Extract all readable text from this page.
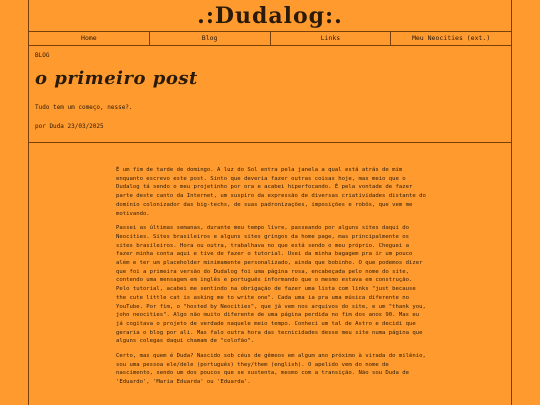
.:Dudalog:.
Home	Blog	Links	Meu Neocities (ext.)
BLOG
o primeiro post
Tudo tem um começo, nesse?.
por Duda 23/03/2025

É um fim de tarde de domingo. A luz do Sol entra pela janela a qual está atrás de mim enquanto escrevo este post. Sinto que deveria fazer outras coisas hoje, mas meio que o Dudalog tá sendo o meu projetinho por ora e acabei hiperfocando. É pela vontade de fazer parte deste canto da Internet, um suspiro da expressão de diversas criatividades distante do domínio colonizador das big-techs, de suas padronizações, imposições e robôs, que vem me motivando.

Passei as últimas semanas, durante meu tempo livre, passeando por alguns sites daqui do Neocities. Sites brasileiros e alguns sites gringos da home page, mas principalmente os sites brasileiros. Hora ou outra, trabalhava no que está sendo o meu próprio. Cheguei a fazer minha conta aqui e tive de fazer o tutorial. Usei da minha bagagem pra ir um pouco além e ter um placeholder minimamente personalizado, ainda que bobinho. O que podemos dizer que foi a primeira versão do Dudalog foi uma página rosa, encabeçada pelo nome do site, contendo uma mensagem em inglês e português informando que o mesmo estava em construção. Pelo tutorial, acabei me sentindo na obrigação de fazer uma lista com links "just because the cute little cat is asking me to write one". Cada uma ia pra uma música diferente no YouTube. Por fim, o "hosted by Neocities", que já vem nos arquivos do site, e um "thank you, john neocities". Algo não muito diferente de uma página perdida no fim dos anos 90. Mas eu já cogitava o projeto de verdade naquele meio tempo. Conheci um tal de Astro e decidi que geraria o blog por ali. Mas falo outra hora das tecnicidades desse meu site numa página que alguns colegas daqui chamam de "colofão".

Certo, mas quem é Duda? Nascido sob céus de gêmeos em algum ano próximo à virada do milênio, sou uma pessoa ele/dele (português) they/them (english). O apelido vem do nome de nascimento, sendo um dos poucos que se sustenta, mesmo com a transição. Não sou Duda de 'Eduardo', 'Maria Eduarda' ou 'Eduarda'.
